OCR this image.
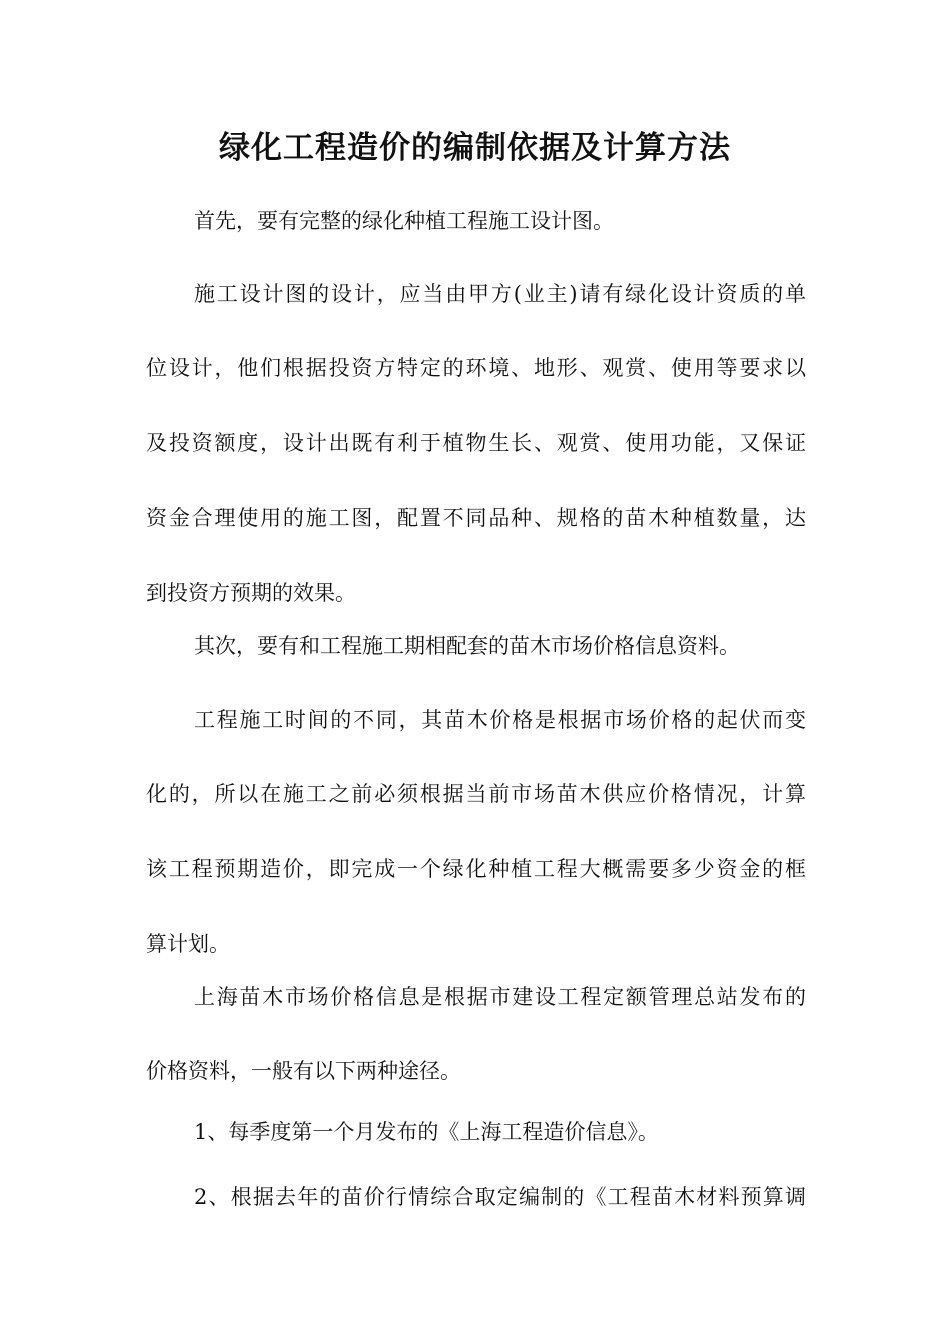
绿化工程造价的编制依据及计算方法
首先，要有完整的绿化种植工程施工设计图。
施工设计图的设计，应当由甲方(业主)请有绿化设计资质的单
位设计，他们根据投资方特定的环境、地形、观赏、使用等要求以
及投资额度，设计出既有利于植物生长、观赏、使用功能，又保证
资金合理使用的施工图，配置不同品种、规格的苗木种植数量，达
到投资方预期的效果。
其次，要有和工程施工期相配套的苗木市场价格信息资料。
工程施工时间的不同，其苗木价格是根据市场价格的起伏而变
化的，所以在施工之前必须根据当前市场苗木供应价格情况，计算
该工程预期造价，即完成一个绿化种植工程大概需要多少资金的框
算计划。
上海苗木市场价格信息是根据市建设工程定额管理总站发布的
价格资料，一般有以下两种途径。
1、每季度第一个月发布的《上海工程造价信息》。
2、根据去年的苗价行情综合取定编制的《工程苗木材料预算调
